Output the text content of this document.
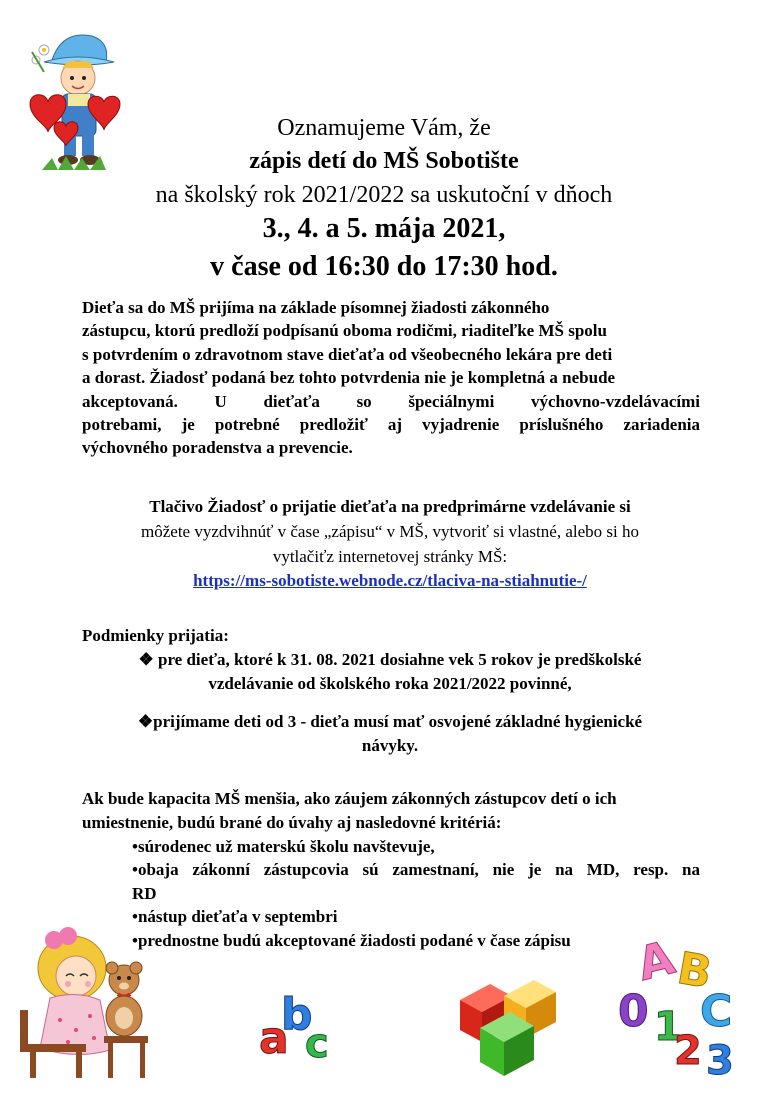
Oznamujeme Vám, že
zápis detí do MŠ Sobotište
na školský rok 2021/2022 sa uskutoční v dňoch
3., 4. a 5. mája 2021,
v čase od 16:30 do 17:30 hod.
Dieťa sa do MŠ prijíma na základe písomnej žiadosti zákonného
zástupcu, ktorú predloží podpísanú oboma rodičmi, riaditeľke MŠ spolu
s potvrdením o zdravotnom stave dieťaťa od všeobecného lekára pre deti
a dorast. Žiadosť podaná bez tohto potvrdenia nie je kompletná a nebude
akceptovaná. U dieťaťa so špeciálnymi výchovno-vzdelávacími
potrebami, je potrebné predložiť aj vyjadrenie príslušného zariadenia
výchovného poradenstva a prevencie.
Tlačivo Žiadosť o prijatie dieťaťa na predprimárne vzdelávanie si
môžete vyzdvihnúť v čase „zápisu“ v MŠ, vytvoriť si vlastné, alebo si ho
vytlačiťz internetovej stránky MŠ:
https://ms-sobotiste.webnode.cz/tlaciva-na-stiahnutie-/
Podmienky prijatia:
❖ pre dieťa, ktoré k 31. 08. 2021 dosiahne vek 5 rokov je predškolské
vzdelávanie od školského roka 2021/2022 povinné,
❖prijímame deti od 3 - dieťa musí mať osvojené základné hygienické
návyky.
Ak bude kapacita MŠ menšia, ako záujem zákonných zástupcov detí o ich
umiestnenie, budú brané do úvahy aj nasledovné kritériá:
•súrodenec už materskú školu navštevuje,
•obaja zákonní zástupcovia sú zamestnaní, nie je na MD, resp. na
RD
•nástup dieťaťa v septembri
•prednostne budú akceptované žiadosti podané v čase zápisu
a
b
c
A
B
C
0 1
2 3
